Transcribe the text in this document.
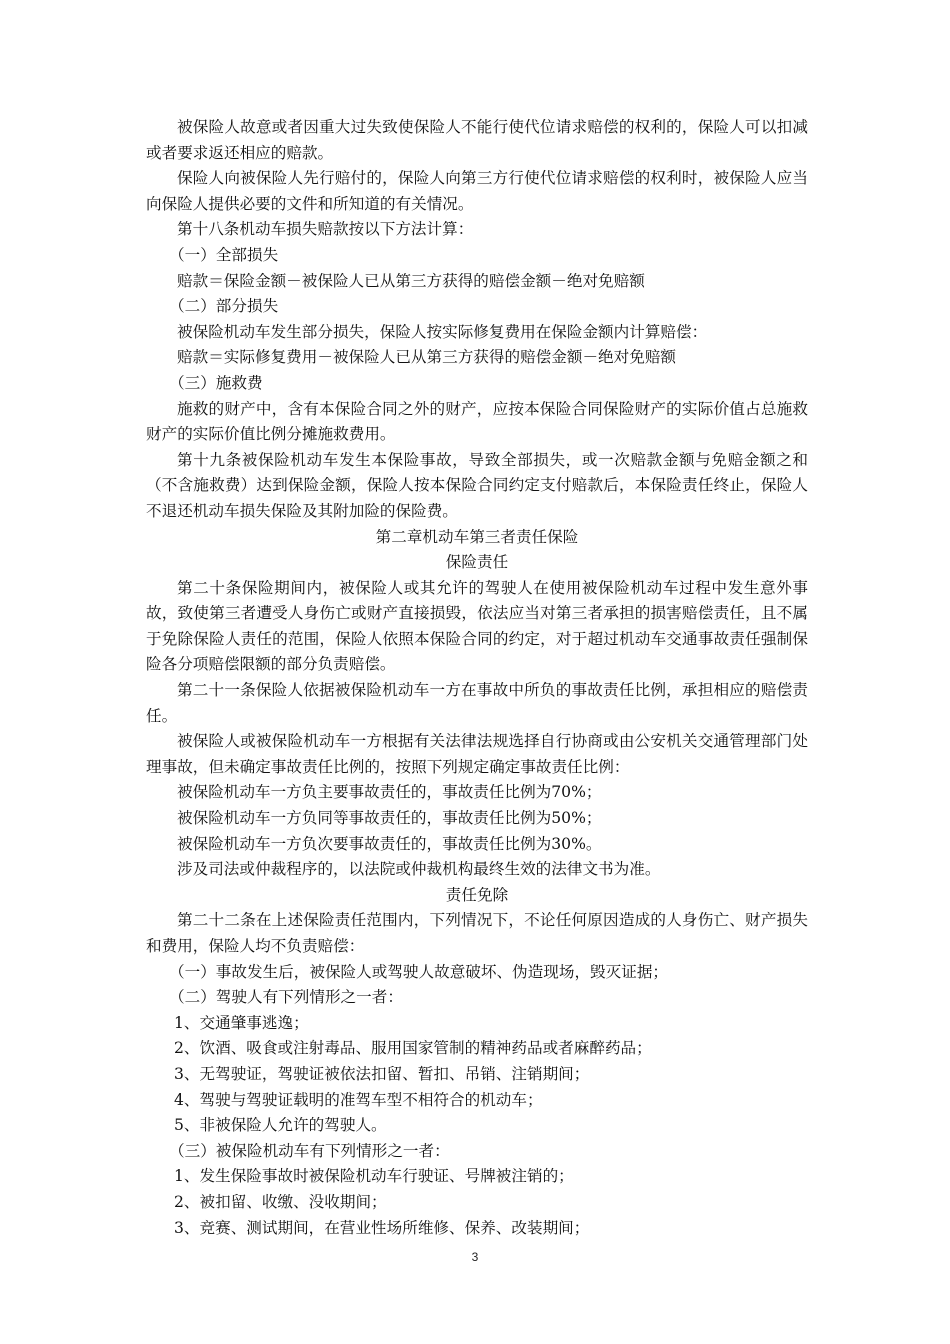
被保险人故意或者因重大过失致使保险人不能行使代位请求赔偿的权利的，保险人可以扣减或者要求返还相应的赔款。

保险人向被保险人先行赔付的，保险人向第三方行使代位请求赔偿的权利时，被保险人应当向保险人提供必要的文件和所知道的有关情况。

第十八条机动车损失赔款按以下方法计算：

（一）全部损失

赔款＝保险金额－被保险人已从第三方获得的赔偿金额－绝对免赔额

（二）部分损失

被保险机动车发生部分损失，保险人按实际修复费用在保险金额内计算赔偿：

赔款＝实际修复费用－被保险人已从第三方获得的赔偿金额－绝对免赔额

（三）施救费

施救的财产中，含有本保险合同之外的财产，应按本保险合同保险财产的实际价值占总施救财产的实际价值比例分摊施救费用。

第十九条被保险机动车发生本保险事故，导致全部损失，或一次赔款金额与免赔金额之和（不含施救费）达到保险金额，保险人按本保险合同约定支付赔款后，本保险责任终止，保险人不退还机动车损失保险及其附加险的保险费。

第二章机动车第三者责任保险

保险责任

第二十条保险期间内，被保险人或其允许的驾驶人在使用被保险机动车过程中发生意外事故，致使第三者遭受人身伤亡或财产直接损毁，依法应当对第三者承担的损害赔偿责任，且不属于免除保险人责任的范围，保险人依照本保险合同的约定，对于超过机动车交通事故责任强制保险各分项赔偿限额的部分负责赔偿。

第二十一条保险人依据被保险机动车一方在事故中所负的事故责任比例，承担相应的赔偿责任。

被保险人或被保险机动车一方根据有关法律法规选择自行协商或由公安机关交通管理部门处理事故，但未确定事故责任比例的，按照下列规定确定事故责任比例：

被保险机动车一方负主要事故责任的，事故责任比例为70%；

被保险机动车一方负同等事故责任的，事故责任比例为50%；

被保险机动车一方负次要事故责任的，事故责任比例为30%。

涉及司法或仲裁程序的，以法院或仲裁机构最终生效的法律文书为准。

责任免除

第二十二条在上述保险责任范围内，下列情况下，不论任何原因造成的人身伤亡、财产损失和费用，保险人均不负责赔偿：

（一）事故发生后，被保险人或驾驶人故意破坏、伪造现场，毁灭证据；

（二）驾驶人有下列情形之一者：

1、交通肇事逃逸；

2、饮酒、吸食或注射毒品、服用国家管制的精神药品或者麻醉药品；

3、无驾驶证，驾驶证被依法扣留、暂扣、吊销、注销期间；

4、驾驶与驾驶证载明的准驾车型不相符合的机动车；

5、非被保险人允许的驾驶人。

（三）被保险机动车有下列情形之一者：

1、发生保险事故时被保险机动车行驶证、号牌被注销的；

2、被扣留、收缴、没收期间；

3、竞赛、测试期间，在营业性场所维修、保养、改装期间；

3
